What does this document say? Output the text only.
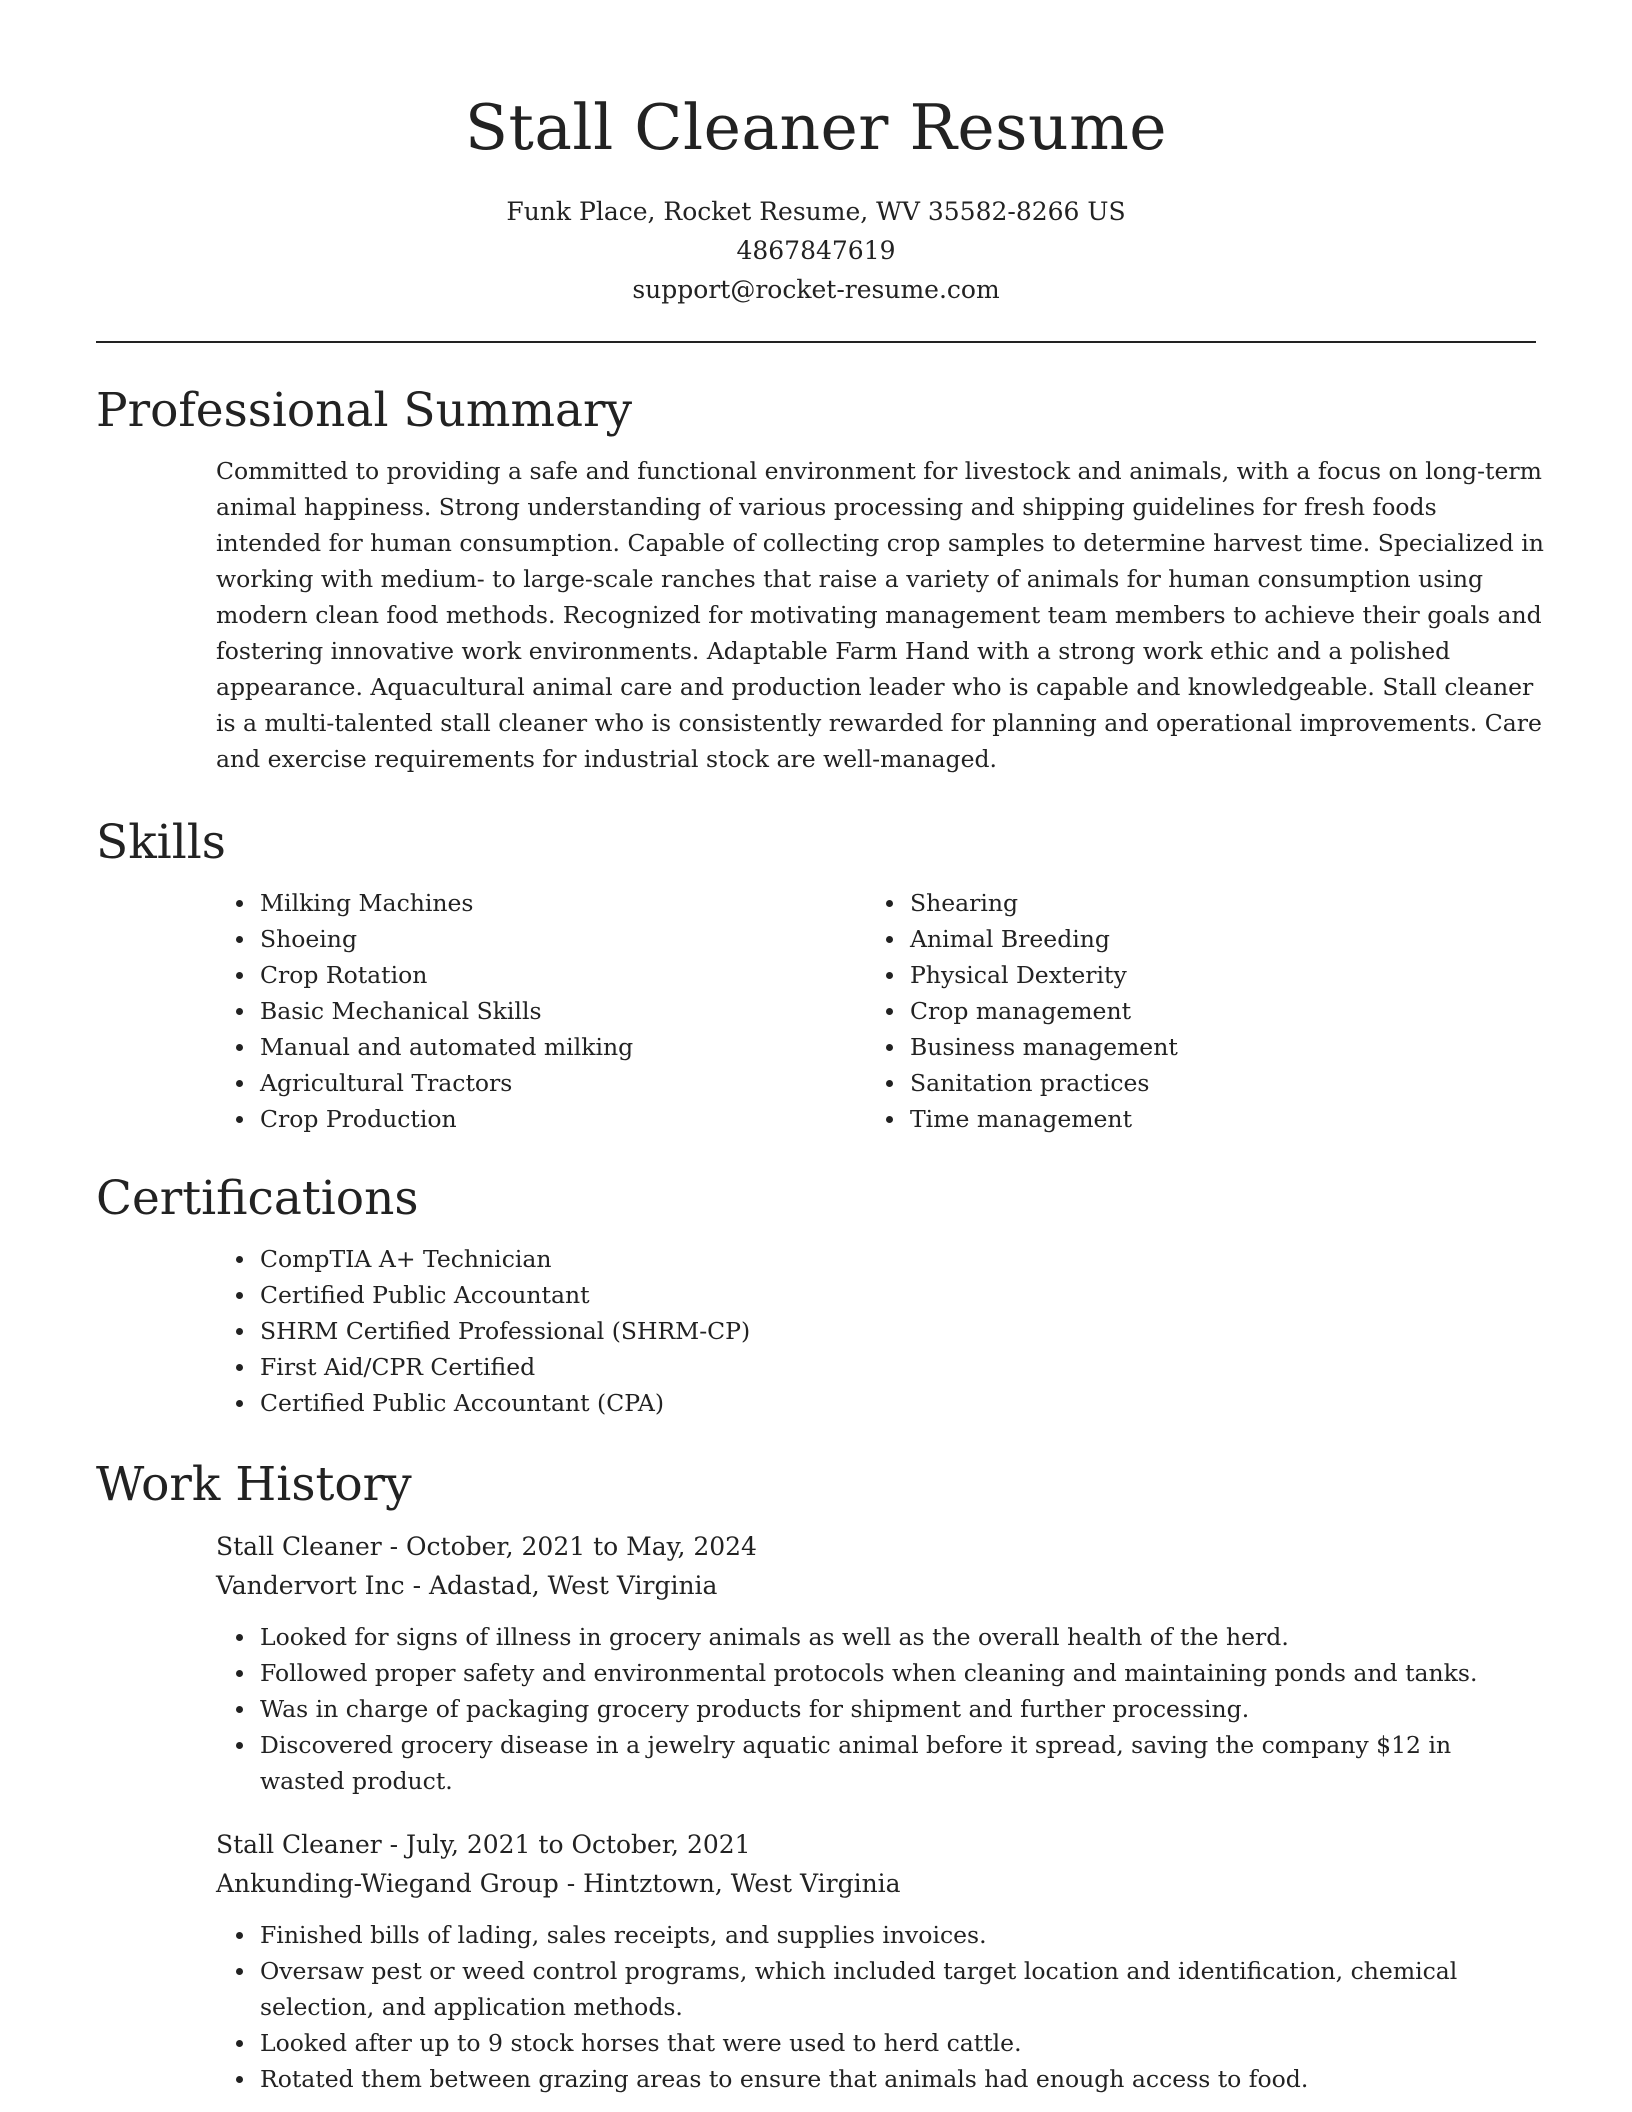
Stall Cleaner Resume
Funk Place, Rocket Resume, WV 35582-8266 US
4867847619
support@rocket-resume.com
Professional Summary

Committed to providing a safe and functional environment for livestock and animals, with a focus on long-term animal happiness. Strong understanding of various processing and shipping guidelines for fresh foods intended for human consumption. Capable of collecting crop samples to determine harvest time. Specialized in working with medium- to large-scale ranches that raise a variety of animals for human consumption using modern clean food methods. Recognized for motivating management team members to achieve their goals and fostering innovative work environments. Adaptable Farm Hand with a strong work ethic and a polished appearance. Aquacultural animal care and production leader who is capable and knowledgeable. Stall cleaner is a multi-talented stall cleaner who is consistently rewarded for planning and operational improvements. Care and exercise requirements for industrial stock are well-managed.

Skills
Milking Machines
Shoeing
Crop Rotation
Basic Mechanical Skills
Manual and automated milking
Agricultural Tractors
Crop Production
Shearing
Animal Breeding
Physical Dexterity
Crop management
Business management
Sanitation practices
Time management
Certifications
CompTIA A+ Technician
Certified Public Accountant
SHRM Certified Professional (SHRM-CP)
First Aid/CPR Certified
Certified Public Accountant (CPA)
Work History
Stall Cleaner - October, 2021 to May, 2024
Vandervort Inc - Adastad, West Virginia
Looked for signs of illness in grocery animals as well as the overall health of the herd.
Followed proper safety and environmental protocols when cleaning and maintaining ponds and tanks.
Was in charge of packaging grocery products for shipment and further processing.
Discovered grocery disease in a jewelry aquatic animal before it spread, saving the company $12 in wasted product.
Stall Cleaner - July, 2021 to October, 2021
Ankunding-Wiegand Group - Hintztown, West Virginia
Finished bills of lading, sales receipts, and supplies invoices.
Oversaw pest or weed control programs, which included target location and identification, chemical selection, and application methods.
Looked after up to 9 stock horses that were used to herd cattle.
Rotated them between grazing areas to ensure that animals had enough access to food.
